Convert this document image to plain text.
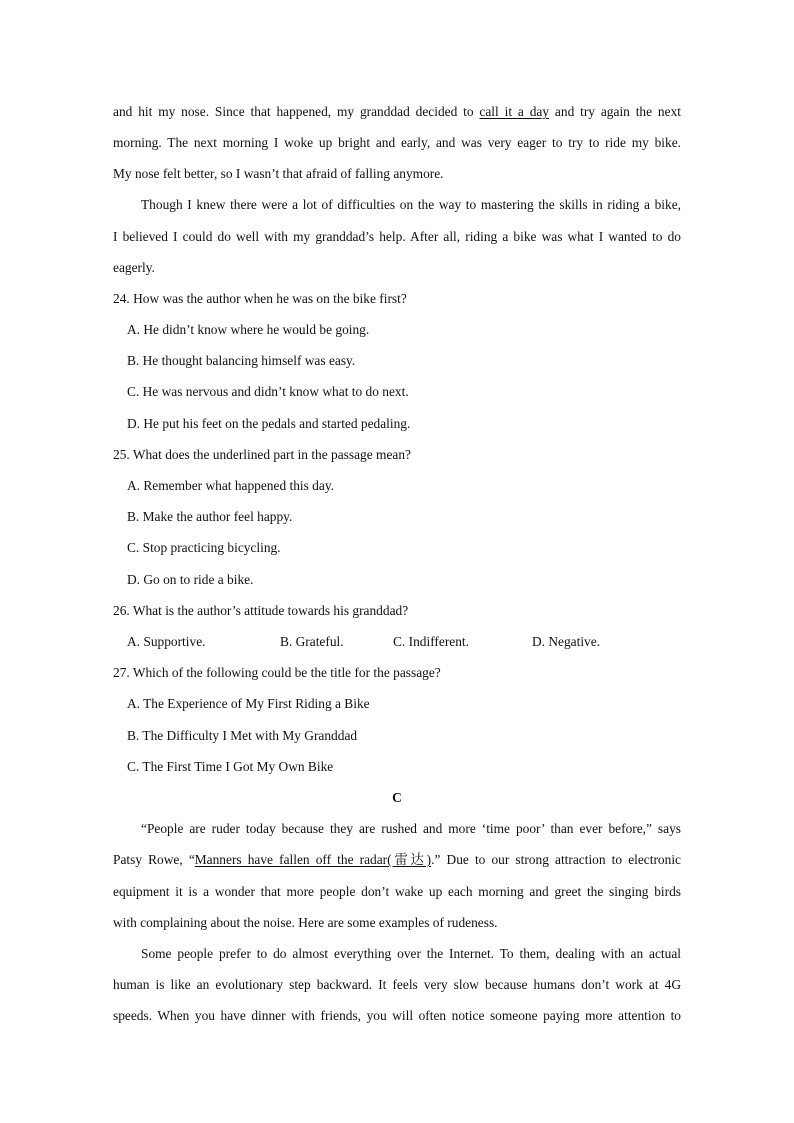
and hit my nose. Since that happened, my granddad decided to call it a day and try again the next
morning. The next morning I woke up bright and early, and was very eager to try to ride my bike.
My nose felt better, so I wasn’t that afraid of falling anymore.
Though I knew there were a lot of difficulties on the way to mastering the skills in riding a bike,
I believed I could do well with my granddad’s help. After all, riding a bike was what I wanted to do
eagerly.
24. How was the author when he was on the bike first?
A. He didn’t know where he would be going.
B. He thought balancing himself was easy.
C. He was nervous and didn’t know what to do next.
D. He put his feet on the pedals and started pedaling.
25. What does the underlined part in the passage mean?
A. Remember what happened this day.
B. Make the author feel happy.
C. Stop practicing bicycling.
D. Go on to ride a bike.
26. What is the author’s attitude towards his granddad?
A. Supportive.	B. Grateful.	C. Indifferent.	D. Negative.
27. Which of the following could be the title for the passage?
A. The Experience of My First Riding a Bike
B. The Difficulty I Met with My Granddad
C. The First Time I Got My Own Bike
C
“People are ruder today because they are rushed and more ‘time poor’ than ever before,” says
Patsy Rowe, “Manners have fallen off the radar(雷达).” Due to our strong attraction to electronic
equipment it is a wonder that more people don’t wake up each morning and greet the singing birds
with complaining about the noise. Here are some examples of rudeness.
Some people prefer to do almost everything over the Internet. To them, dealing with an actual
human is like an evolutionary step backward. It feels very slow because humans don’t work at 4G
speeds. When you have dinner with friends, you will often notice someone paying more attention to
